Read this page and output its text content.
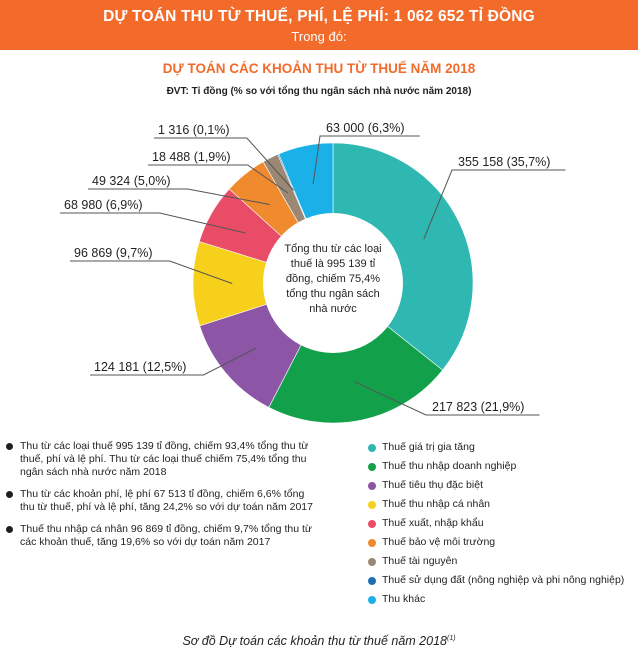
DỰ TOÁN THU TỪ THUẾ, PHÍ, LỆ PHÍ: 1 062 652 TỈ ĐỒNG
Trong đó:
DỰ TOÁN CÁC KHOẢN THU TỪ THUẾ NĂM 2018
ĐVT: Tỉ đồng (% so với tổng thu ngân sách nhà nước năm 2018)
355 158 (35,7%)
217 823 (21,9%)
124 181 (12,5%)
96 869 (9,7%)
68 980 (6,9%)
49 324 (5,0%)
18 488 (1,9%)
1 316 (0,1%)	63 000 (6,3%)
Tổng thu từ các loại thuế là 995 139 tỉ đồng, chiếm 75,4% tổng thu ngân sách nhà nước
Thu từ các loại thuế 995 139 tỉ đồng, chiếm 93,4% tổng thu từ thuế, phí và lệ phí. Thu từ các loại thuế chiếm 75,4% tổng thu ngân sách nhà nước năm 2018
Thu từ các khoản phí, lệ phí 67 513 tỉ đồng, chiếm 6,6% tổng thu từ thuế, phí và lệ phí, tăng 24,2% so với dự toán năm 2017
Thuế thu nhập cá nhân 96 869 tỉ đồng, chiếm 9,7% tổng thu từ các khoản thuế, tăng 19,6% so với dự toán năm 2017
Thuế giá trị gia tăng
Thuế thu nhập doanh nghiệp
Thuế tiêu thụ đặc biệt
Thuế thu nhập cá nhân
Thuế xuất, nhập khẩu
Thuế bảo vệ môi trường
Thuế tài nguyên
Thuế sử dụng đất (nông nghiệp và phi nông nghiệp)
Thu khác
Sơ đồ Dự toán các khoản thu từ thuế năm 2018$^{(1)}$
